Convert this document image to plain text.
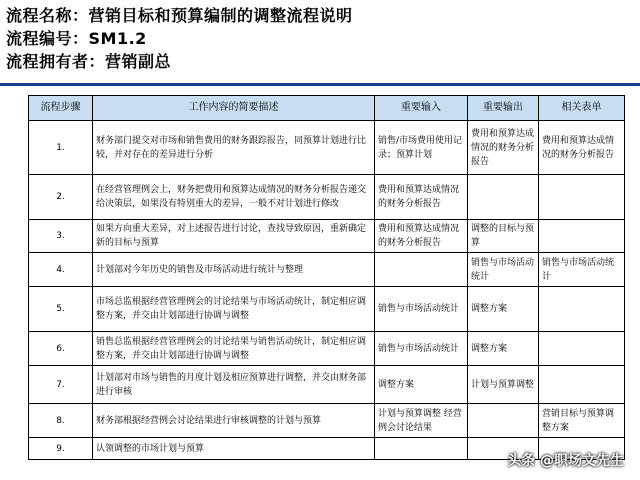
流程名称：营销目标和预算编制的调整流程说明
流程编号：SM1.2
流程拥有者：营销副总
流程步骤	工作内容的简要描述	重要输入	重要输出	相关表单
1.	财务部门提交对市场和销售费用的财务跟踪报告，同预算计划进行比较，并对存在的差异进行分析	销售/市场费用使用记录；预算计划	费用和预算达成情况的财务分析报告	费用和预算达成情况的财务分析报告
2.	在经营管理例会上，财务把费用和预算达成情况的财务分析报告递交给决策层，如果没有特别重大的差异，一般不对计划进行修改	费用和预算达成情况的财务分析报告		
3.	如果方向重大差异，对上述报告进行讨论，查找导致原因，重新确定新的目标与预算	费用和预算达成情况的财务分析报告	调整的目标与预算	
4.	计划部对今年历史的销售及市场活动进行统计与整理		销售与市场活动统计	销售与市场活动统计
5.	市场总监根据经营管理例会的讨论结果与市场活动统计，制定相应调整方案，并交由计划部进行协调与调整	销售与市场活动统计	调整方案	
6.	销售总监根据经营管理例会的讨论结果与销售活动统计，制定相应调整方案，并交由计划部进行协调与调整	销售与市场活动统计	调整方案	
7.	计划部对市场与销售的月度计划及相应预算进行调整，并交由财务部进行审核	调整方案	计划与预算调整	
8.	财务部根据经营例会讨论结果进行审核调整的计划与预算	计划与预算调整 经营例会讨论结果		营销目标与预算调整方案
9.	认领调整的市场计划与预算			
头条 @职场文先生
